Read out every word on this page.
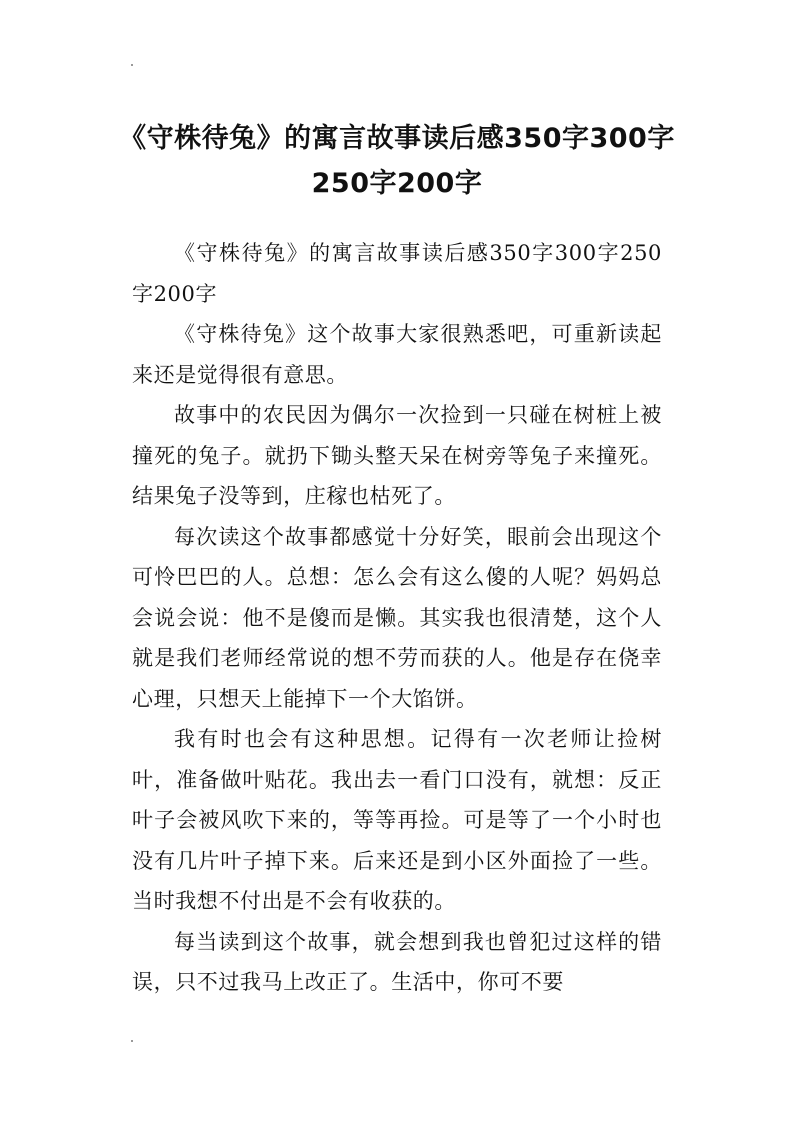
《守株待兔》的寓言故事读后感350字300字250字200字

《守株待兔》的寓言故事读后感350字300字250字200字

《守株待兔》这个故事大家很熟悉吧，可重新读起来还是觉得很有意思。

故事中的农民因为偶尔一次捡到一只碰在树桩上被撞死的兔子。就扔下锄头整天呆在树旁等兔子来撞死。结果兔子没等到，庄稼也枯死了。

每次读这个故事都感觉十分好笑，眼前会出现这个可怜巴巴的人。总想：怎么会有这么傻的人呢？妈妈总会说会说：他不是傻而是懒。其实我也很清楚，这个人就是我们老师经常说的想不劳而获的人。他是存在侥幸心理，只想天上能掉下一个大馅饼。

我有时也会有这种思想。记得有一次老师让捡树叶，准备做叶贴花。我出去一看门口没有，就想：反正叶子会被风吹下来的，等等再捡。可是等了一个小时也没有几片叶子掉下来。后来还是到小区外面捡了一些。当时我想不付出是不会有收获的。

每当读到这个故事，就会想到我也曾犯过这样的错误，只不过我马上改正了。生活中，你可不要
